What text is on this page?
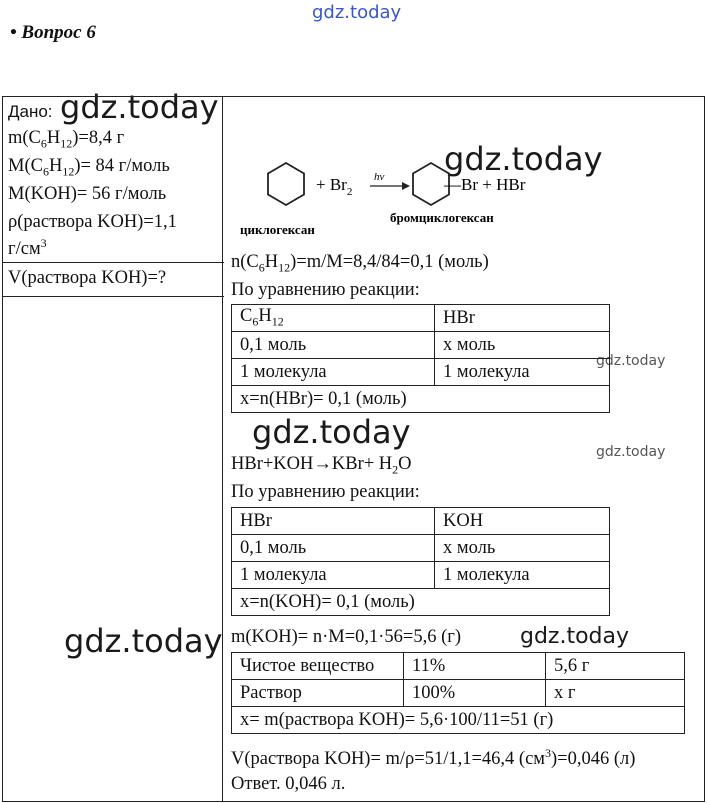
gdz.today
gdz.today
gdz.today
gdz.today
gdz.today
gdz.today
gdz.today	gdz.today
• Вопрос 6
Дано:
$m(C_6H_{12})=8,4$ г
$M(C_6H_{12})= 84$ г/моль
M(KOH)= 56 г/моль
ρ(раствора KOH)=1,1
$г/см^3$
V(раствора KOH)=?
+ $Br_2$
hv	—Br + HBr
циклогексан
бромциклогексан
$n(C_6H_{12})=m/M=8,4/84=0,1$ (моль)
По уравнению реакции:
$C_6H_{12}$	HBr
0,1 моль	x моль
1 молекула	1 молекула
x=n(HBr)= 0,1 (моль)	
$HBr+KOH\to KBr+ H_2O$
По уравнению реакции:
HBr	KOH
0,1 моль	x моль
1 молекула	1 молекула
x=n(KOH)= 0,1 (моль)	
m(KOH)= n·M=0,1·56=5,6 (г)
Чистое вещество	11%	5,6 г
Раствор	100%	x г
x= m(раствора KOH)= 5,6·100/11=51 (г)		
V(раствора KOH)= m/ρ=51/1,1=46,4 $(см^3)=0,046$ (л)
Ответ. 0,046 л.
